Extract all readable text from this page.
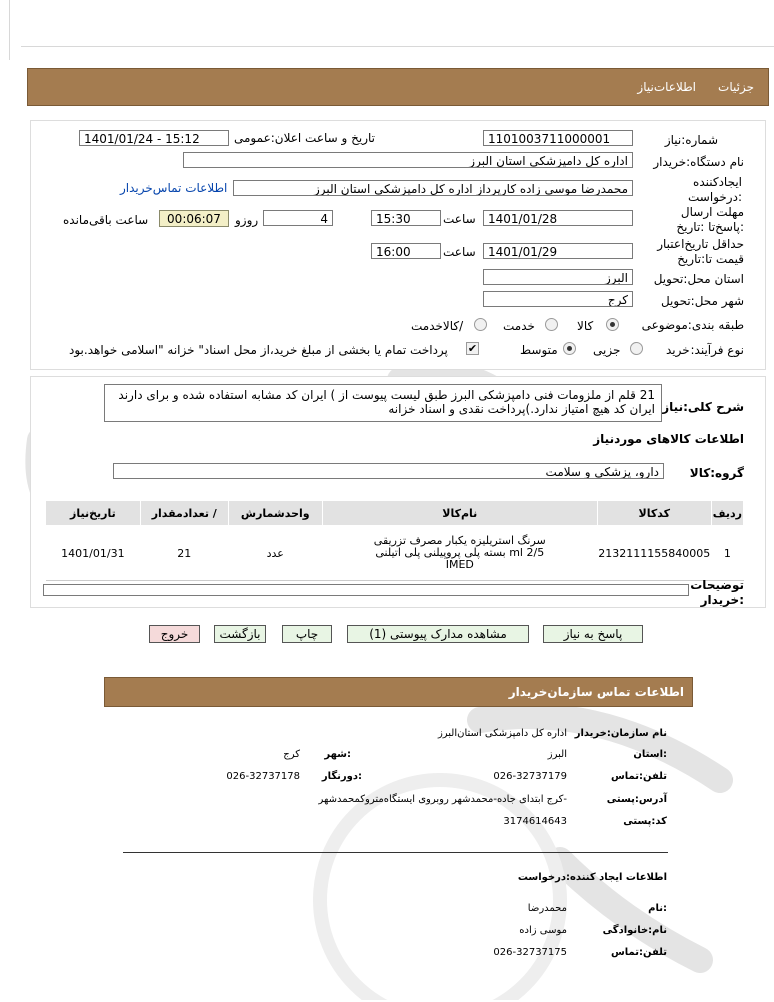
جزئیات
اطلاعات‌نیاز
شماره:نیاز
1101003711000001
تاریخ و ساعت اعلان:عمومی
1401/01/24 - 15:12
نام دستگاه:خریدار
اداره کل دامپزشکی استان البرز
ایجادکننده :درخواست
محمدرضا موسی زاده کارپرداز اداره کل دامپزشکی استان البرز
اطلاعات تماس‌خریدار
مهلت ارسال :پاسخ‌تا :تاریخ
1401/01/28
ساعت
15:30
4
روزو
00:06:07
ساعت باقی‌مانده
حداقل تاریخ‌اعتبار قیمت تا:تاریخ
1401/01/29
ساعت
16:00
استان محل:تحویل
البرز
شهر محل:تحویل
کرج
طبقه بندی:موضوعی
کالا
خدمت
/کالاخدمت
نوع فرآیند:
خرید
جزیی
متوسط
✔
پرداخت تمام یا بخشی از مبلغ خرید،از محل اسناد" خزانه "اسلامی خواهد.بود
شرح کلی:نیاز
21 قلم از ملزومات فنی دامپزشکی البرز طبق لیست پیوست از ) ایران کد مشابه استفاده شده و برای دارند ایران کد هیچ امتیاز ندارد.)پرداخت نقدی و اسناد خزانه
اطلاعات کالاهای موردنیاز
گروه:کالا
دارو، پزشکی و سلامت
ردیف	کدکالا	نام‌کالا	واحدشمارش	/ تعدادمقدار	تاریخ‌نیاز
1	2132111155840005	سرنگ استریلیزه یکبار مصرف تزریقی 2/5 ml بسته پلی پروپیلنی پلی اتیلنی IMED	عدد	21	1401/01/31
توضیحات :خریدار
پاسخ به نیاز
مشاهده مدارک پیوستی (1)
چاپ
بازگشت
خروج
اطلاعات تماس سازمان‌خریدار
نام سازمان:خریدار
اداره کل دامپزشکی استان‌البرز
:استان
البرز
:شهر
کرج
تلفن:تماس
026-32737179
:دورنگار
026-32737178
آدرس:پستی
-کرج ابتدای جاده-محمدشهر روبروی ایستگاه‌متروکمحمدشهر
کد:پستی
3174614643
اطلاعات ایجاد کننده:درخواست
:نام
محمدرضا
نام:خانوادگی
موسی زاده
تلفن:تماس
026-32737175
